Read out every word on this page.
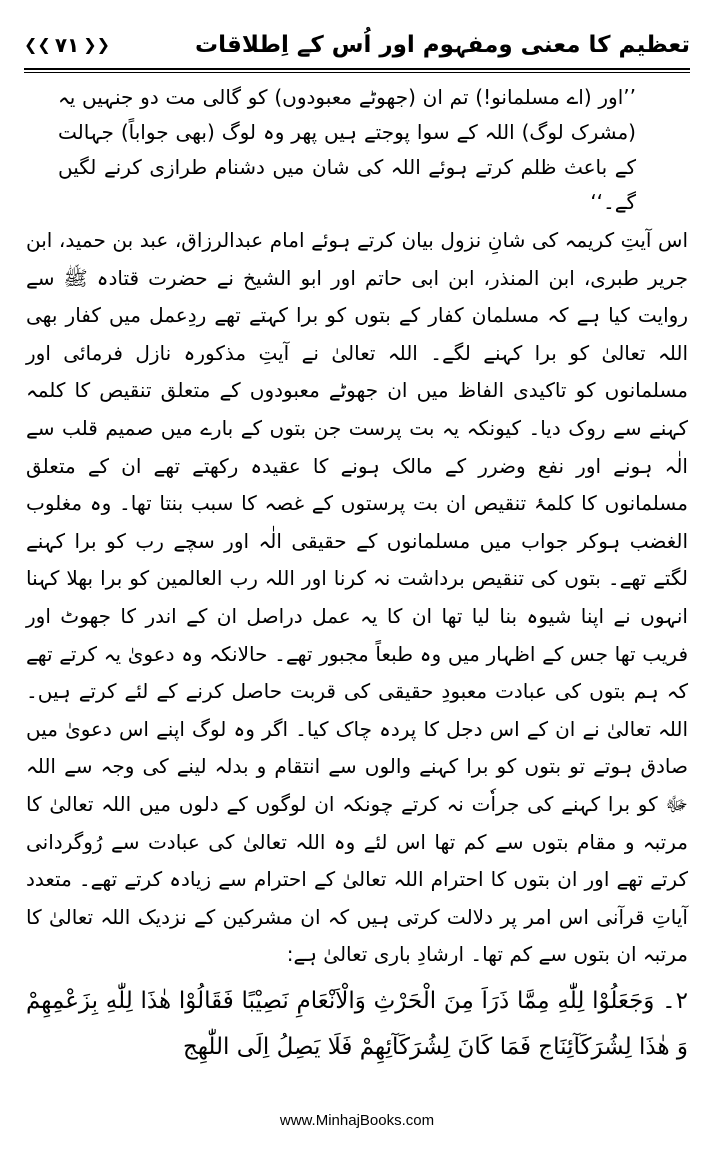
تعظیم کا معنی ومفہوم اور اُس کے اِطلاقات
❮❮ ۷۱ ❯❯
’’اور (اے مسلمانو!) تم ان (جھوٹے معبودوں) کو گالی مت دو جنہیں یہ (مشرک لوگ) اللہ کے سوا پوجتے ہیں پھر وہ لوگ (بھی جواباً) جہالت کے باعث ظلم کرتے ہوئے اللہ کی شان میں دشنام طرازی کرنے لگیں گے۔‘‘
اس آیتِ کریمہ کی شانِ نزول بیان کرتے ہوئے امام عبدالرزاق، عبد بن حمید، ابن جریر طبری، ابن المنذر، ابن ابی حاتم اور ابو الشیخ نے حضرت قتادہ ﷺ سے روایت کیا ہے کہ مسلمان کفار کے بتوں کو برا کہتے تھے ردِعمل میں کفار بھی اللہ تعالیٰ کو برا کہنے لگے۔ اللہ تعالیٰ نے آیتِ مذکورہ نازل فرمائی اور مسلمانوں کو تاکیدی الفاظ میں ان جھوٹے معبودوں کے متعلق تنقیص کا کلمہ کہنے سے روک دیا۔ کیونکہ یہ بت پرست جن بتوں کے بارے میں صمیم قلب سے الٰہ ہونے اور نفع وضرر کے مالک ہونے کا عقیدہ رکھتے تھے ان کے متعلق مسلمانوں کا کلمۂ تنقیص ان بت پرستوں کے غصہ کا سبب بنتا تھا۔ وہ مغلوب الغضب ہوکر جواب میں مسلمانوں کے حقیقی الٰہ اور سچے رب کو برا کہنے لگتے تھے۔ بتوں کی تنقیص برداشت نہ کرنا اور اللہ رب العالمین کو برا بھلا کہنا انہوں نے اپنا شیوہ بنا لیا تھا ان کا یہ عمل دراصل ان کے اندر کا جھوٹ اور فریب تھا جس کے اظہار میں وہ طبعاً مجبور تھے۔ حالانکہ وہ دعویٰ یہ کرتے تھے کہ ہم بتوں کی عبادت معبودِ حقیقی کی قربت حاصل کرنے کے لئے کرتے ہیں۔ اللہ تعالیٰ نے ان کے اس دجل کا پردہ چاک کیا۔ اگر وہ لوگ اپنے اس دعویٰ میں صادق ہوتے تو بتوں کو برا کہنے والوں سے انتقام و بدلہ لینے کی وجہ سے اللہ ﷻ کو برا کہنے کی جراٗت نہ کرتے چونکہ ان لوگوں کے دلوں میں اللہ تعالیٰ کا مرتبہ و مقام بتوں سے کم تھا اس لئے وہ اللہ تعالیٰ کی عبادت سے رُوگردانی کرتے تھے اور ان بتوں کا احترام اللہ تعالیٰ کے احترام سے زیادہ کرتے تھے۔ متعدد آیاتِ قرآنی اس امر پر دلالت کرتی ہیں کہ ان مشرکین کے نزدیک اللہ تعالیٰ کا مرتبہ ان بتوں سے کم تھا۔ ارشادِ باری تعالیٰ ہے:
۲۔ وَجَعَلُوْا لِلّٰهِ مِمَّا ذَرَاَ مِنَ الْحَرْثِ وَالْاَنْعَامِ نَصِيْبًا فَقَالُوْا هٰذَا لِلّٰهِ بِزَعْمِهِمْ وَ هٰذَا لِشُرَكَآئِنَاج فَمَا كَانَ لِشُرَكَآئِهِمْ فَلَا يَصِلُ اِلَى اللّٰهِج
www.MinhajBooks.com
